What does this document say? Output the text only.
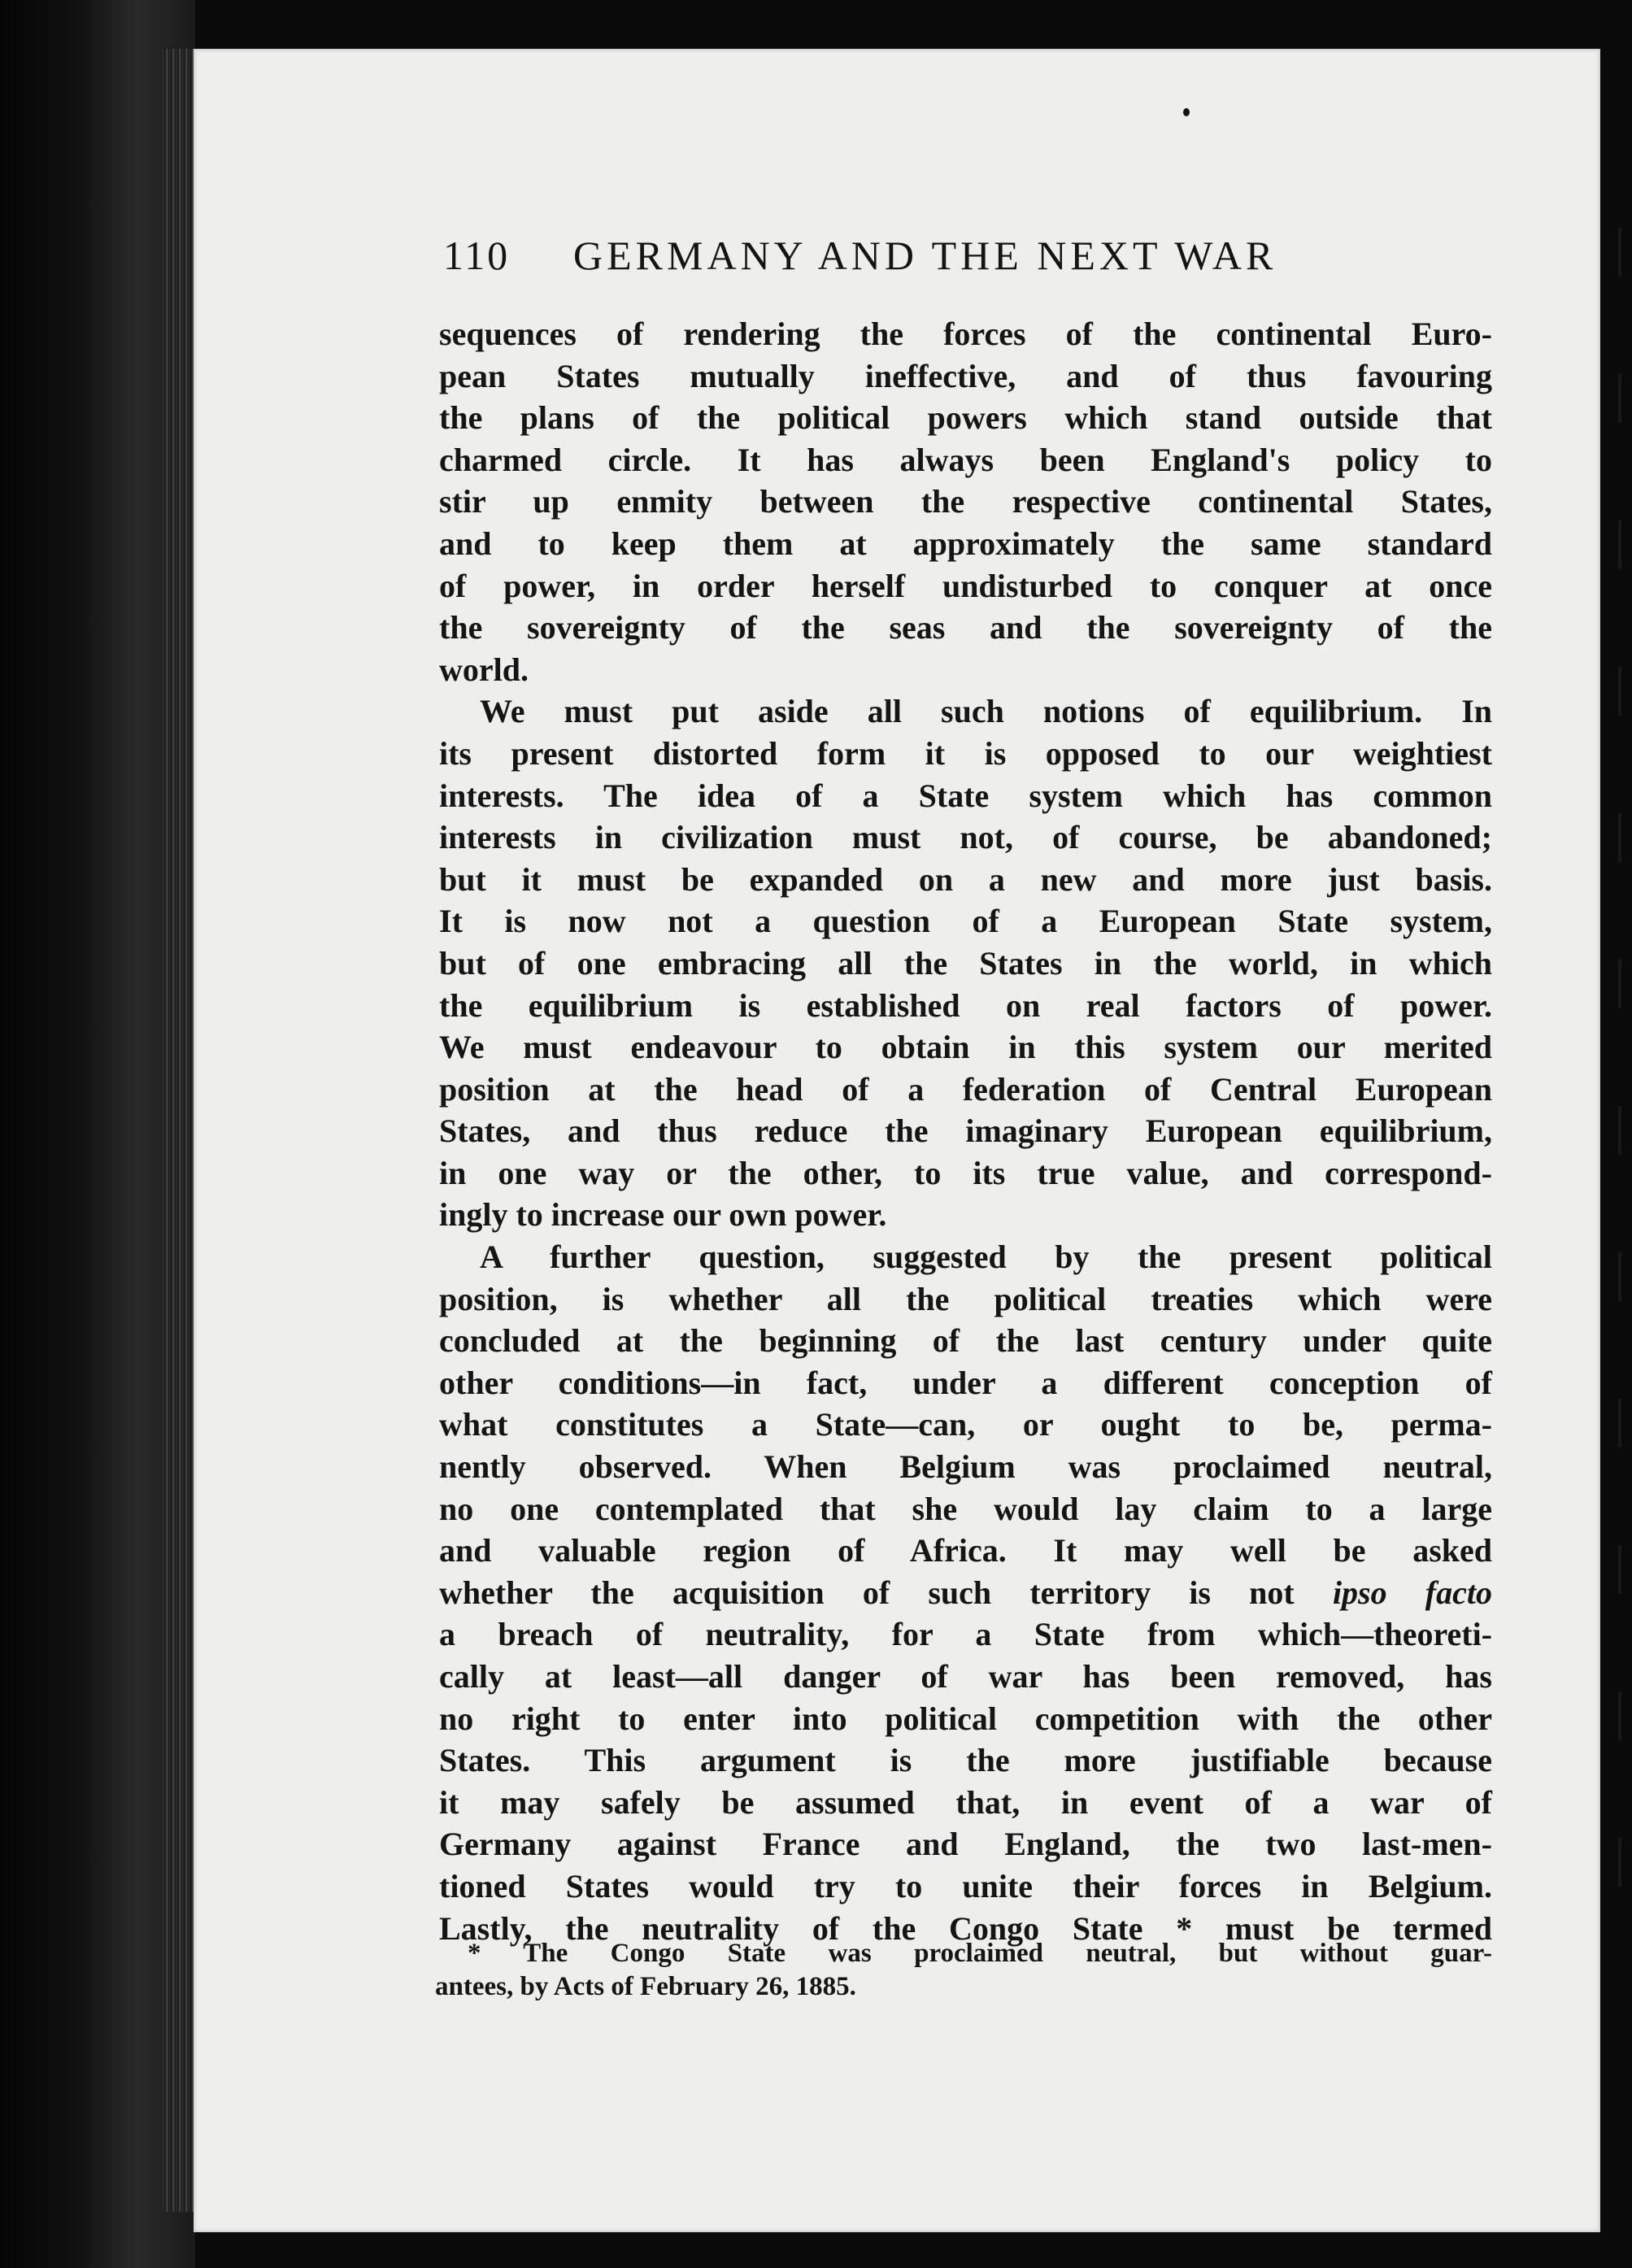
110 GERMANY AND THE NEXT WAR
sequences of rendering the forces of the continental Euro-
pean States mutually ineffective, and of thus favouring
the plans of the political powers which stand outside that
charmed circle. It has always been England's policy to
stir up enmity between the respective continental States,
and to keep them at approximately the same standard
of power, in order herself undisturbed to conquer at once
the sovereignty of the seas and the sovereignty of the
world.
We must put aside all such notions of equilibrium. In
its present distorted form it is opposed to our weightiest
interests. The idea of a State system which has common
interests in civilization must not, of course, be abandoned;
but it must be expanded on a new and more just basis.
It is now not a question of a European State system,
but of one embracing all the States in the world, in which
the equilibrium is established on real factors of power.
We must endeavour to obtain in this system our merited
position at the head of a federation of Central European
States, and thus reduce the imaginary European equilibrium,
in one way or the other, to its true value, and correspond-
ingly to increase our own power.
A further question, suggested by the present political
position, is whether all the political treaties which were
concluded at the beginning of the last century under quite
other conditions—in fact, under a different conception of
what constitutes a State—can, or ought to be, perma-
nently observed. When Belgium was proclaimed neutral,
no one contemplated that she would lay claim to a large
and valuable region of Africa. It may well be asked
whether the acquisition of such territory is not ipso facto
a breach of neutrality, for a State from which—theoreti-
cally at least—all danger of war has been removed, has
no right to enter into political competition with the other
States. This argument is the more justifiable because
it may safely be assumed that, in event of a war of
Germany against France and England, the two last-men-
tioned States would try to unite their forces in Belgium.
Lastly, the neutrality of the Congo State * must be termed
* The Congo State was proclaimed neutral, but without guar-
antees, by Acts of February 26, 1885.
